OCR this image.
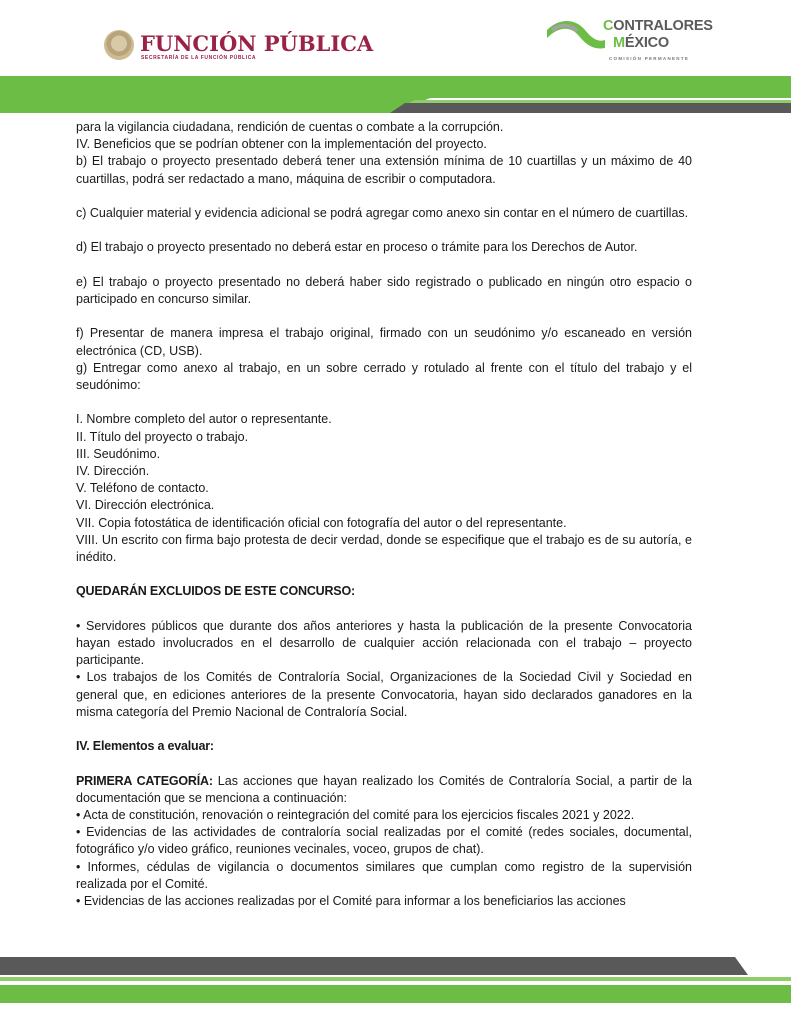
FUNCIÓN PÚBLICA
SECRETARÍA DE LA FUNCIÓN PÚBLICA
CONTRALORES
MÉXICO
COMISIÓN PERMANENTE

para la vigilancia ciudadana, rendición de cuentas o combate a la corrupción.

IV. Beneficios que se podrían obtener con la implementación del proyecto.

b) El trabajo o proyecto presentado deberá tener una extensión mínima de 10 cuartillas y un máximo de 40 cuartillas, podrá ser redactado a mano, máquina de escribir o computadora.

c) Cualquier material y evidencia adicional se podrá agregar como anexo sin contar en el número de cuartillas.

d) El trabajo o proyecto presentado no deberá estar en proceso o trámite para los Derechos de Autor.

e) El trabajo o proyecto presentado no deberá haber sido registrado o publicado en ningún otro espacio o participado en concurso similar.

f) Presentar de manera impresa el trabajo original, firmado con un seudónimo y/o escaneado en versión electrónica (CD, USB).

g) Entregar como anexo al trabajo, en un sobre cerrado y rotulado al frente con el título del trabajo y el seudónimo:

I. Nombre completo del autor o representante.

II. Título del proyecto o trabajo.

III. Seudónimo.

IV. Dirección.

V. Teléfono de contacto.

VI. Dirección electrónica.

VII. Copia fotostática de identificación oficial con fotografía del autor o del representante.

VIII. Un escrito con firma bajo protesta de decir verdad, donde se especifique que el trabajo es de su autoría, e inédito.

QUEDARÁN EXCLUIDOS DE ESTE CONCURSO:

• Servidores públicos que durante dos años anteriores y hasta la publicación de la presente Convocatoria hayan estado involucrados en el desarrollo de cualquier acción relacionada con el trabajo – proyecto participante.

• Los trabajos de los Comités de Contraloría Social, Organizaciones de la Sociedad Civil y Sociedad en general que, en ediciones anteriores de la presente Convocatoria, hayan sido declarados ganadores en la misma categoría del Premio Nacional de Contraloría Social.

IV. Elementos a evaluar:

PRIMERA CATEGORÍA: Las acciones que hayan realizado los Comités de Contraloría Social, a partir de la documentación que se menciona a continuación:

• Acta de constitución, renovación o reintegración del comité para los ejercicios fiscales 2021 y 2022.

• Evidencias de las actividades de contraloría social realizadas por el comité (redes sociales, documental, fotográfico y/o video gráfico, reuniones vecinales, voceo, grupos de chat).

• Informes, cédulas de vigilancia o documentos similares que cumplan como registro de la supervisión realizada por el Comité.

• Evidencias de las acciones realizadas por el Comité para informar a los beneficiarios las acciones
